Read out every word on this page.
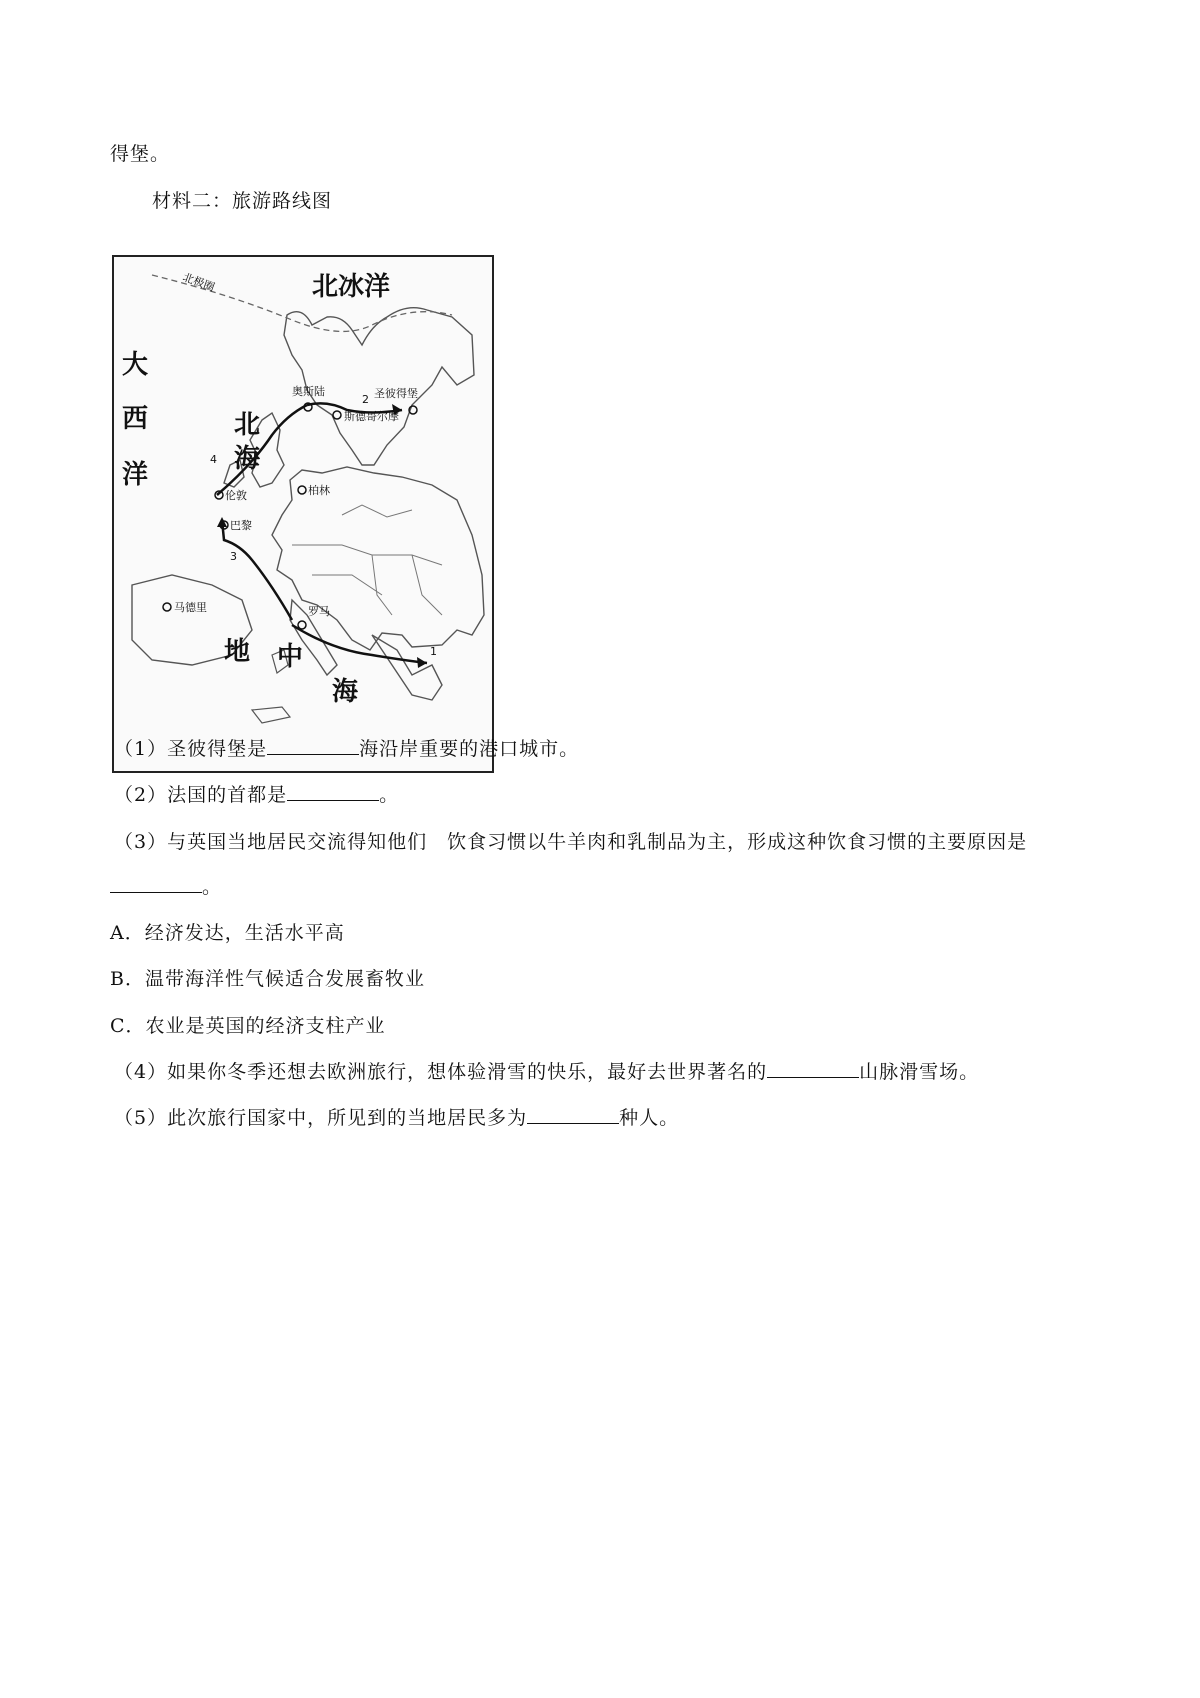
得堡。
材料二：旅游路线图
北冰洋
北极圈
大
西
洋
北
海
地 中
海
奥斯陆
斯德哥尔摩
圣彼得堡
伦敦	柏林
巴黎
马德里	罗马
1
2
3
4
（1）圣彼得堡是	海沿岸重要的港口城市。
（2）法国的首都是	。
（3）与英国当地居民交流得知他们　饮食习惯以牛羊肉和乳制品为主，形成这种饮食习惯的主要原因是
。
A．经济发达，生活水平高
B．温带海洋性气候适合发展畜牧业
C．农业是英国的经济支柱产业
（4）如果你冬季还想去欧洲旅行，想体验滑雪的快乐，最好去世界著名的	山脉滑雪场。
（5）此次旅行国家中，所见到的当地居民多为	种人。
